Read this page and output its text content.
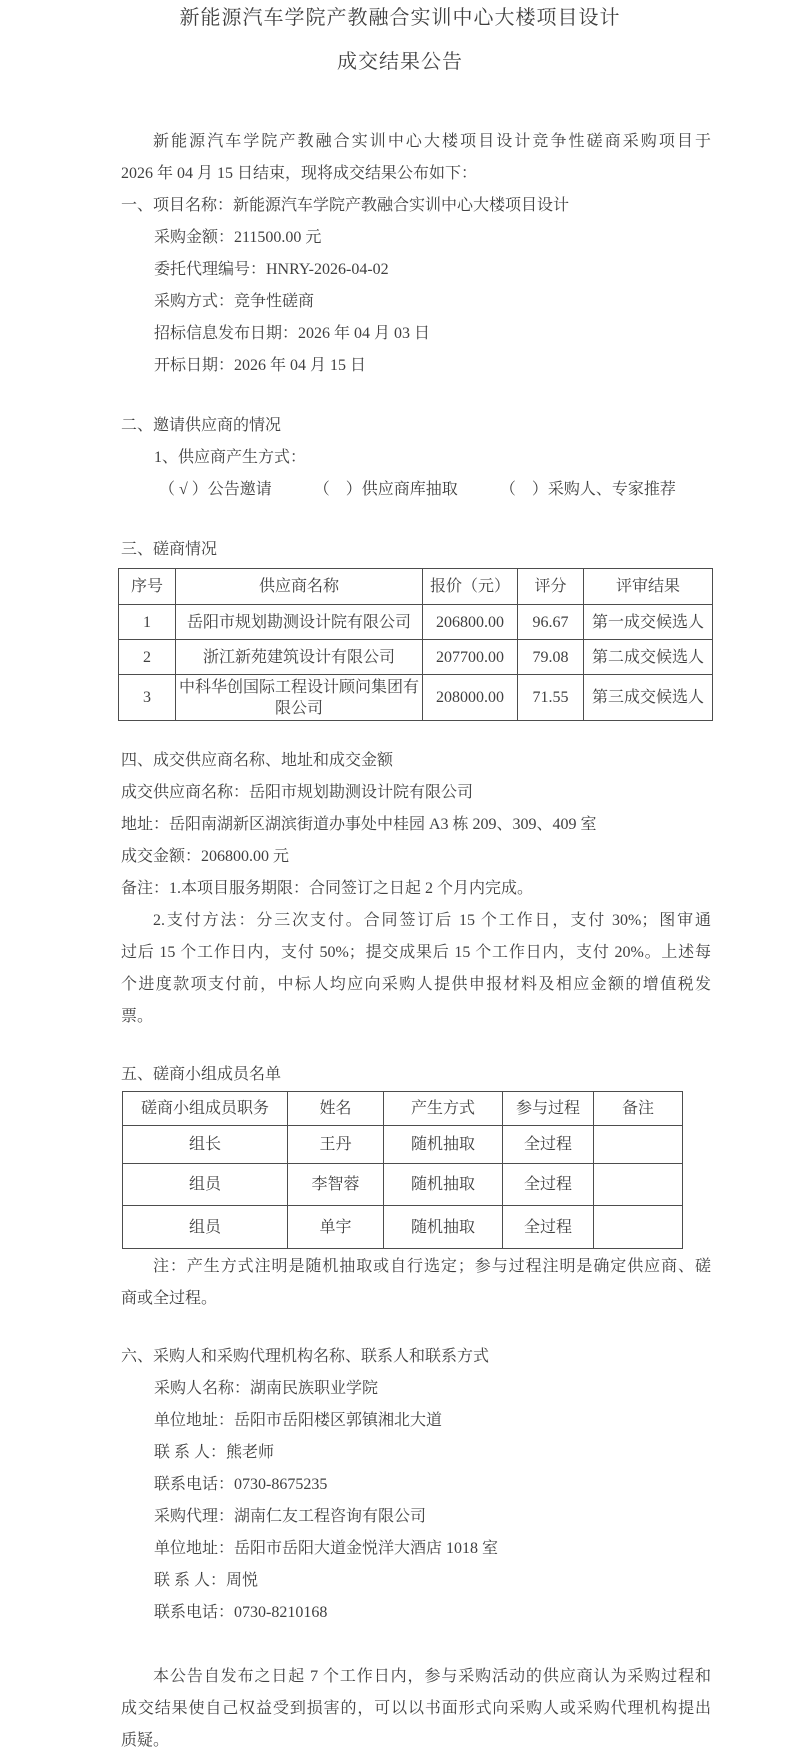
新能源汽车学院产教融合实训中心大楼项目设计
成交结果公告
新能源汽车学院产教融合实训中心大楼项目设计竞争性磋商采购项目于
2026 年 04 月 15 日结束，现将成交结果公布如下：
一、项目名称：新能源汽车学院产教融合实训中心大楼项目设计
采购金额：211500.00 元
委托代理编号：HNRY-2026-04-02
采购方式：竞争性磋商
招标信息发布日期：2026 年 04 月 03 日
开标日期：2026 年 04 月 15 日
二、邀请供应商的情况
1、供应商产生方式：
（ √ ）公告邀请	（　）供应商库抽取	（　）采购人、专家推荐
三、磋商情况
序号	供应商名称	报价（元）	评分	评审结果
1	岳阳市规划勘测设计院有限公司	206800.00	96.67	第一成交候选人
2	浙江新苑建筑设计有限公司	207700.00	79.08	第二成交候选人
3	中科华创国际工程设计顾问集团有限公司	208000.00	71.55	第三成交候选人
四、成交供应商名称、地址和成交金额
成交供应商名称：岳阳市规划勘测设计院有限公司
地址：岳阳南湖新区湖滨街道办事处中桂园 A3 栋 209、309、409 室
成交金额：206800.00 元
备注：1.本项目服务期限：合同签订之日起 2 个月内完成。
2.支付方法：分三次支付。合同签订后 15 个工作日，支付 30%；图审通
过后 15 个工作日内，支付 50%；提交成果后 15 个工作日内，支付 20%。上述每
个进度款项支付前，中标人均应向采购人提供申报材料及相应金额的增值税发
票。
五、磋商小组成员名单
磋商小组成员职务	姓名	产生方式	参与过程	备注
组长	王丹	随机抽取	全过程	
组员	李智蓉	随机抽取	全过程	
组员	单宇	随机抽取	全过程	
注：产生方式注明是随机抽取或自行选定；参与过程注明是确定供应商、磋
商或全过程。
六、采购人和采购代理机构名称、联系人和联系方式
采购人名称：湖南民族职业学院
单位地址：岳阳市岳阳楼区郭镇湘北大道
联 系 人：熊老师
联系电话：0730-8675235
采购代理：湖南仁友工程咨询有限公司
单位地址：岳阳市岳阳大道金悦洋大酒店 1018 室
联 系 人：周悦
联系电话：0730-8210168
本公告自发布之日起 7 个工作日内，参与采购活动的供应商认为采购过程和
成交结果使自己权益受到损害的，可以以书面形式向采购人或采购代理机构提出
质疑。
